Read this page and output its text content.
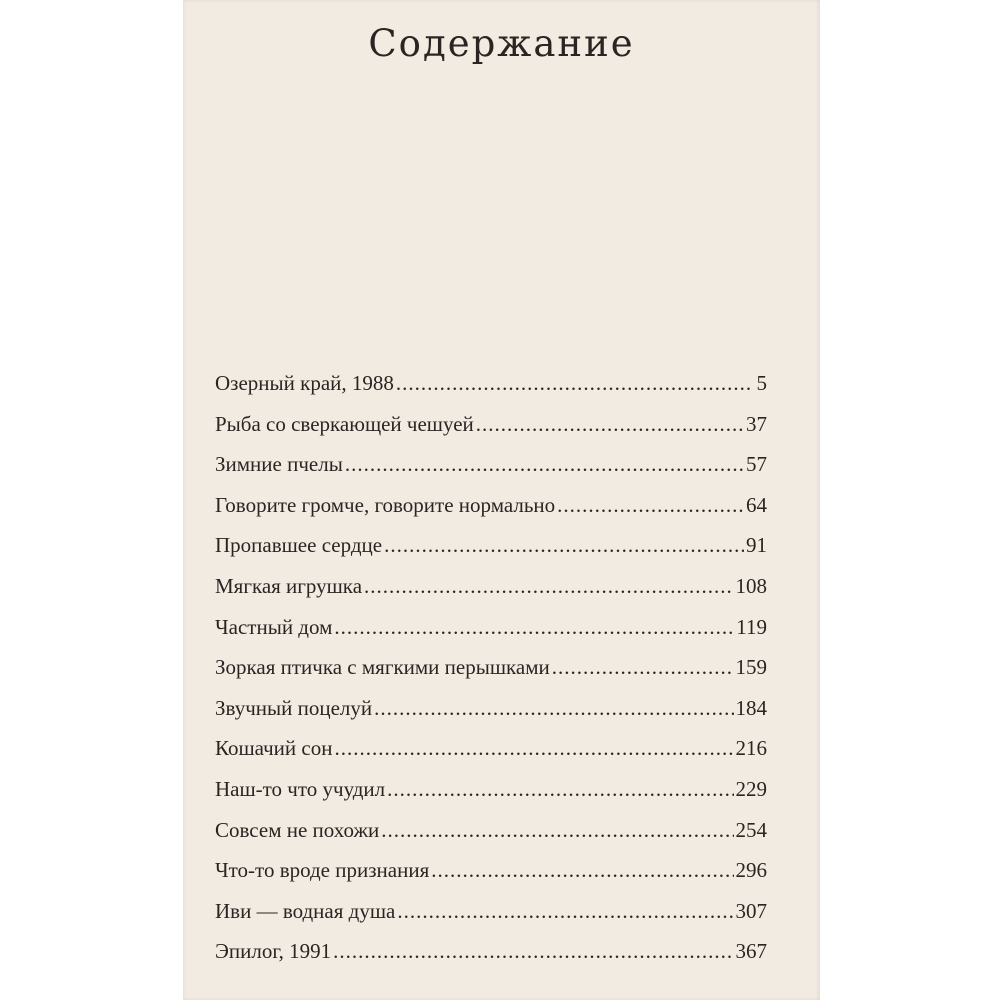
Содержание
Озерный край, 1988 .....	5
Рыба со сверкающей чешуей .....	37
Зимние пчелы .....	57
Говорите громче, говорите нормально .....	64
Пропавшее сердце .....	91
Мягкая игрушка .....	108
Частный дом .....	119
Зоркая птичка с мягкими перышками .....	159
Звучный поцелуй .....	184
Кошачий сон .....	216
Наш-то что учудил .....	229
Совсем не похожи .....	254
Что-то вроде признания .....	296
Иви — водная душа .....	307
Эпилог, 1991 .....	367
